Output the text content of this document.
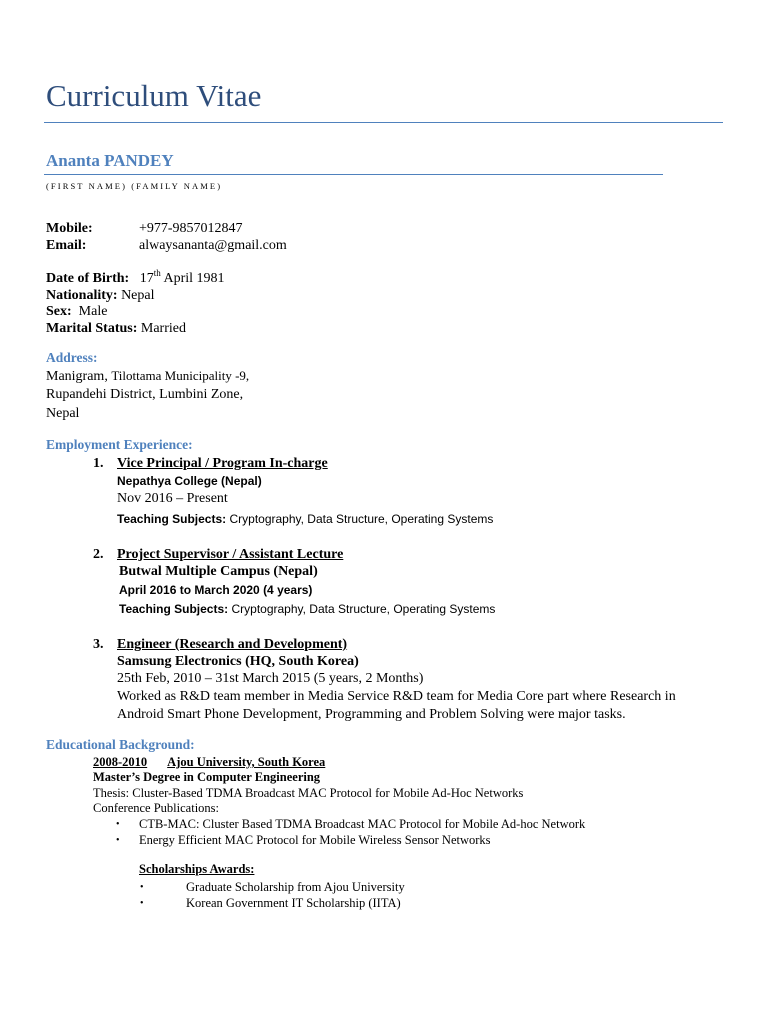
Curriculum Vitae
Ananta PANDEY
(FIRST NAME) (FAMILY NAME)
Mobile:	+977-9857012847
Email:	alwaysananta@gmail.com
Date of Birth: 17th April 1981
Nationality: Nepal
Sex: Male
Marital Status: Married
Address:
Manigram, Tilottama Municipality -9,
Rupandehi District, Lumbini Zone,
Nepal
Employment Experience:
1. Vice Principal / Program In-charge
Nepathya College (Nepal)
Nov 2016 – Present
Teaching Subjects: Cryptography, Data Structure, Operating Systems
2. Project Supervisor / Assistant Lecture
Butwal Multiple Campus (Nepal)
April 2016 to March 2020 (4 years)
Teaching Subjects: Cryptography, Data Structure, Operating Systems
3. Engineer (Research and Development)
Samsung Electronics (HQ, South Korea)
25th Feb, 2010 – 31st March 2015 (5 years, 2 Months)
Worked as R&D team member in Media Service R&D team for Media Core part where Research in
Android Smart Phone Development, Programming and Problem Solving were major tasks.
Educational Background:
2008-2010 Ajou University, South Korea
Master’s Degree in Computer Engineering
Thesis: Cluster-Based TDMA Broadcast MAC Protocol for Mobile Ad-Hoc Networks
Conference Publications:
• CTB-MAC: Cluster Based TDMA Broadcast MAC Protocol for Mobile Ad-hoc Network
• Energy Efficient MAC Protocol for Mobile Wireless Sensor Networks
Scholarships Awards:
•	Graduate Scholarship from Ajou University
•	Korean Government IT Scholarship (IITA)
